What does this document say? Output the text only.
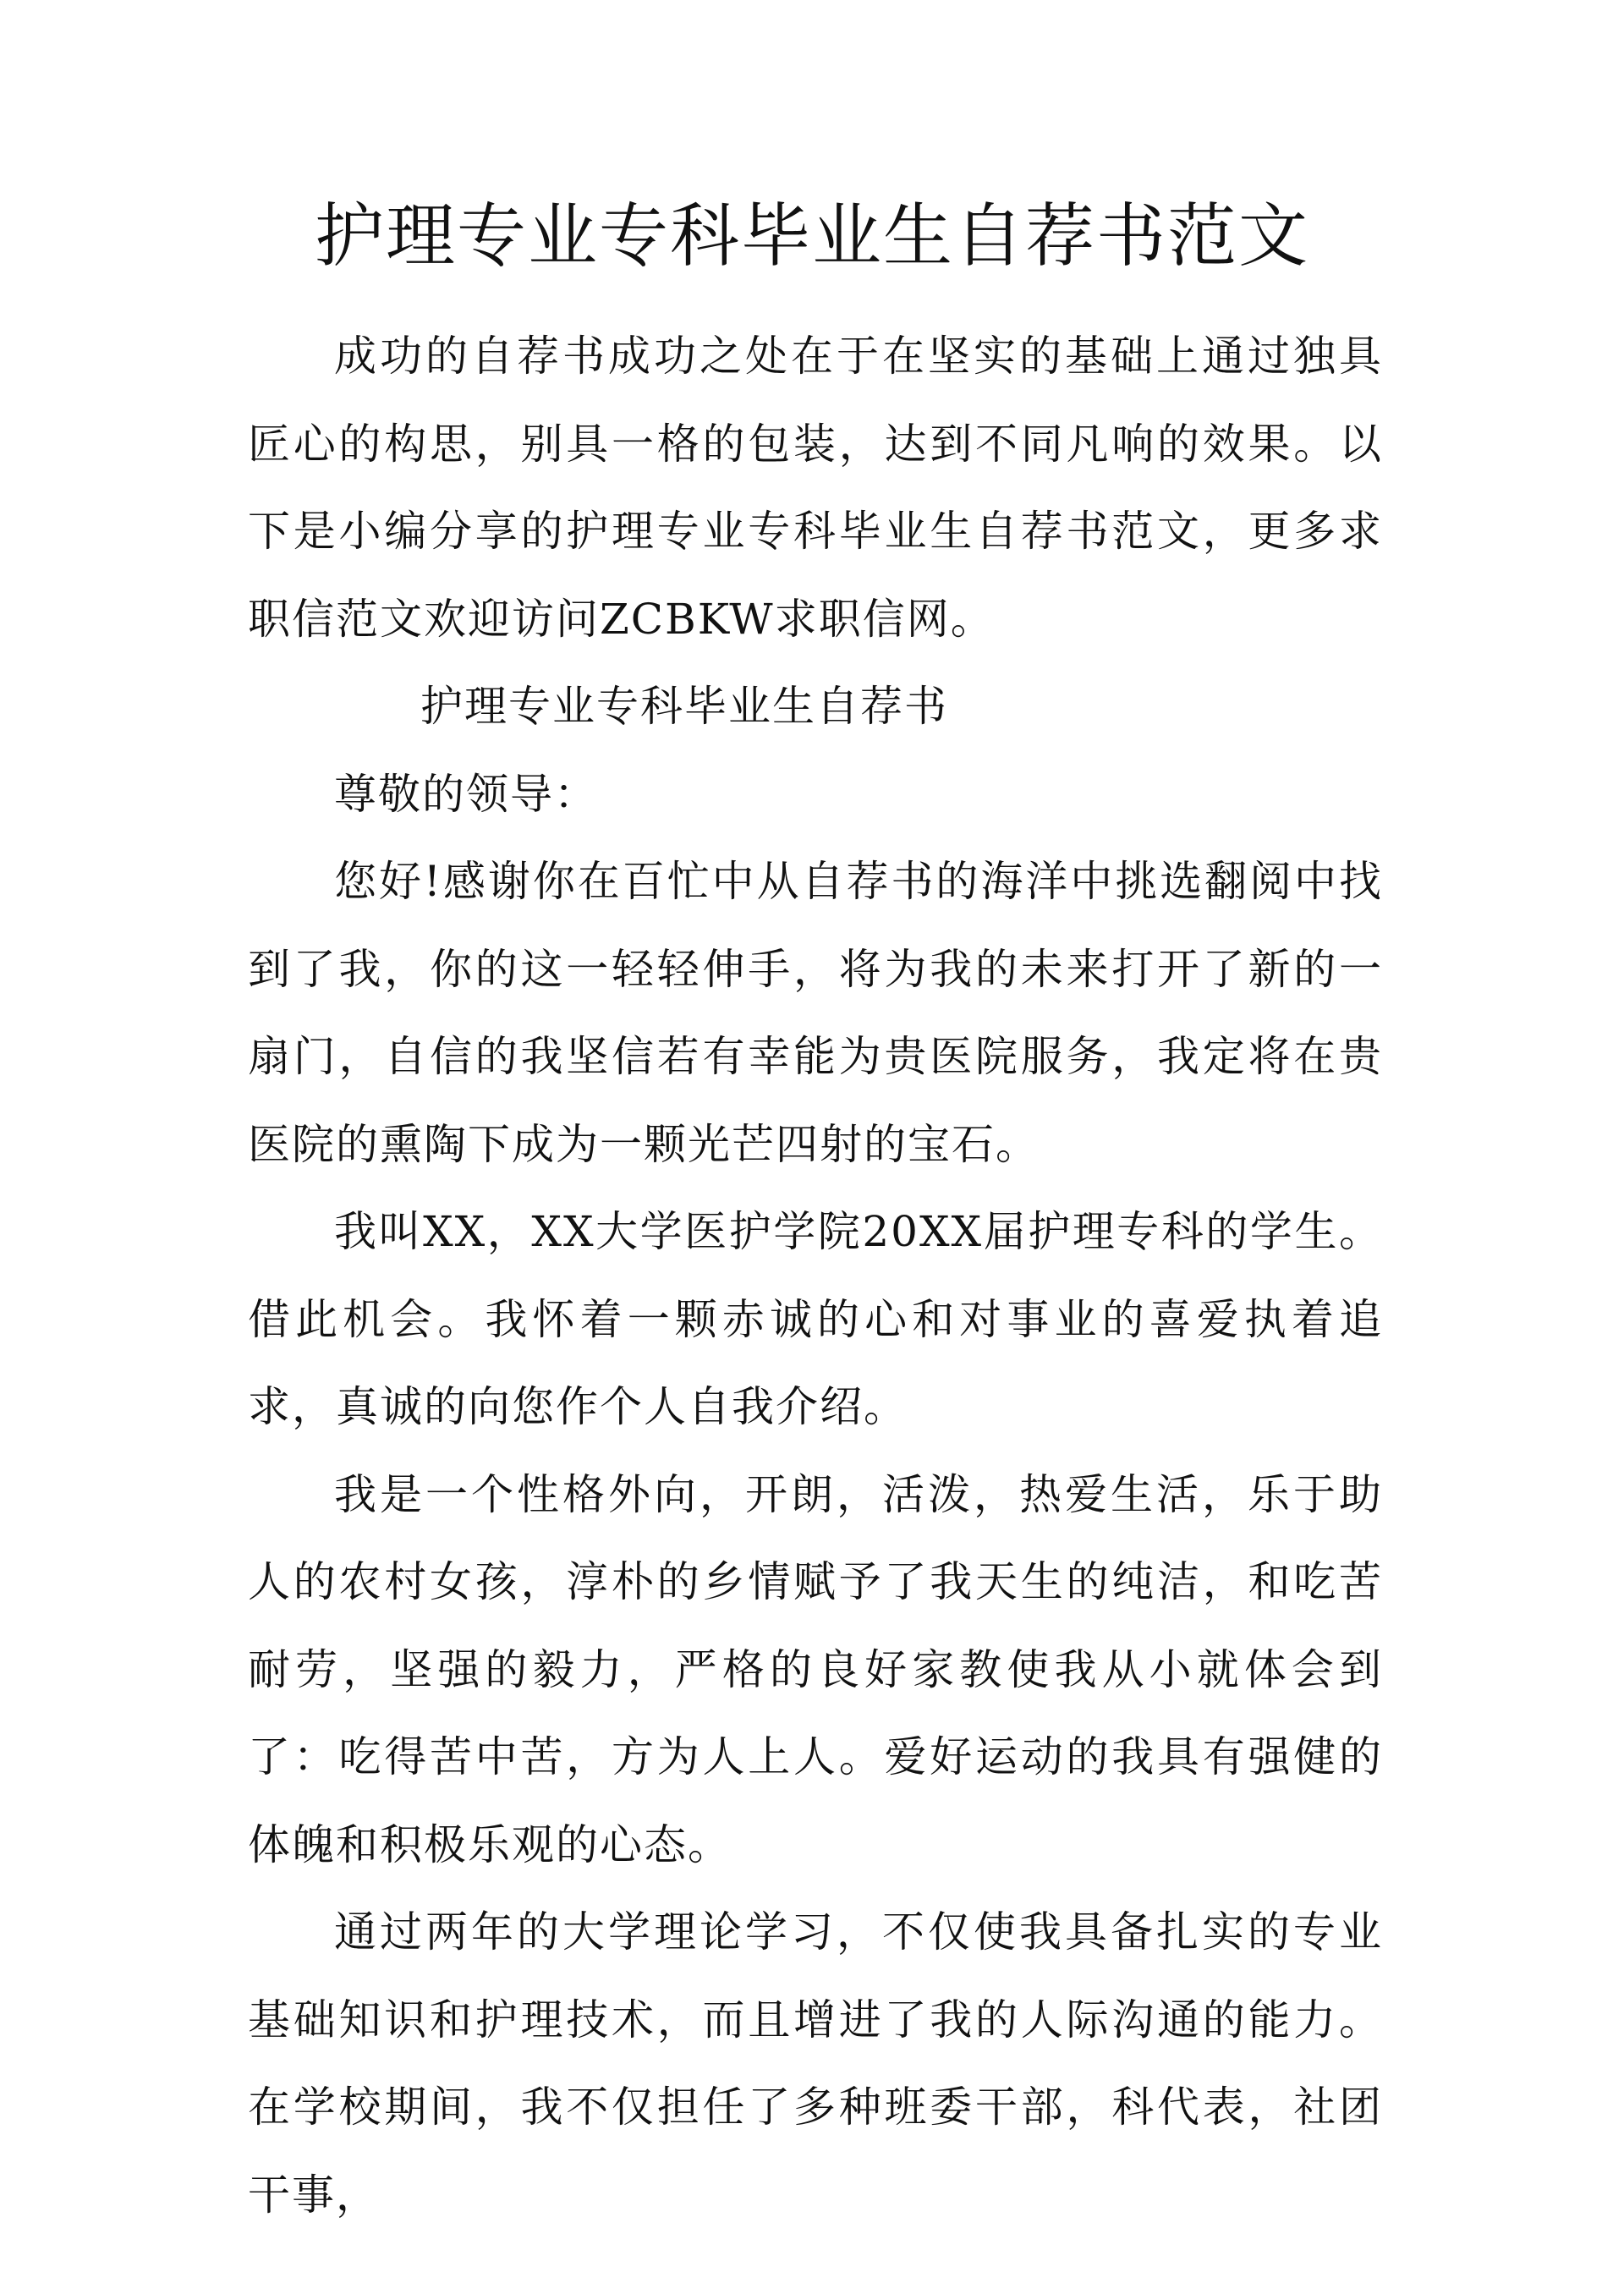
护理专业专科毕业生自荐书范文

成功的自荐书成功之处在于在坚实的基础上通过独具匠心的构思，别具一格的包装，达到不同凡响的效果。以下是小编分享的护理专业专科毕业生自荐书范文，更多求职信范文欢迎访问ZCBKW求职信网。

护理专业专科毕业生自荐书

尊敬的领导：

您好!感谢你在百忙中从自荐书的海洋中挑选翻阅中找到了我，你的这一轻轻伸手，将为我的未来打开了新的一扇门，自信的我坚信若有幸能为贵医院服务，我定将在贵医院的熏陶下成为一颗光芒四射的宝石。

我叫XX，XX大学医护学院20XX届护理专科的学生。借此机会。我怀着一颗赤诚的心和对事业的喜爱执着追求，真诚的向您作个人自我介绍。

我是一个性格外向，开朗，活泼，热爱生活，乐于助人的农村女孩，淳朴的乡情赋予了我天生的纯洁，和吃苦耐劳，坚强的毅力，严格的良好家教使我从小就体会到了：吃得苦中苦，方为人上人。爱好运动的我具有强健的体魄和积极乐观的心态。

通过两年的大学理论学习，不仅使我具备扎实的专业基础知识和护理技术，而且增进了我的人际沟通的能力。在学校期间，我不仅担任了多种班委干部，科代表，社团干事，
